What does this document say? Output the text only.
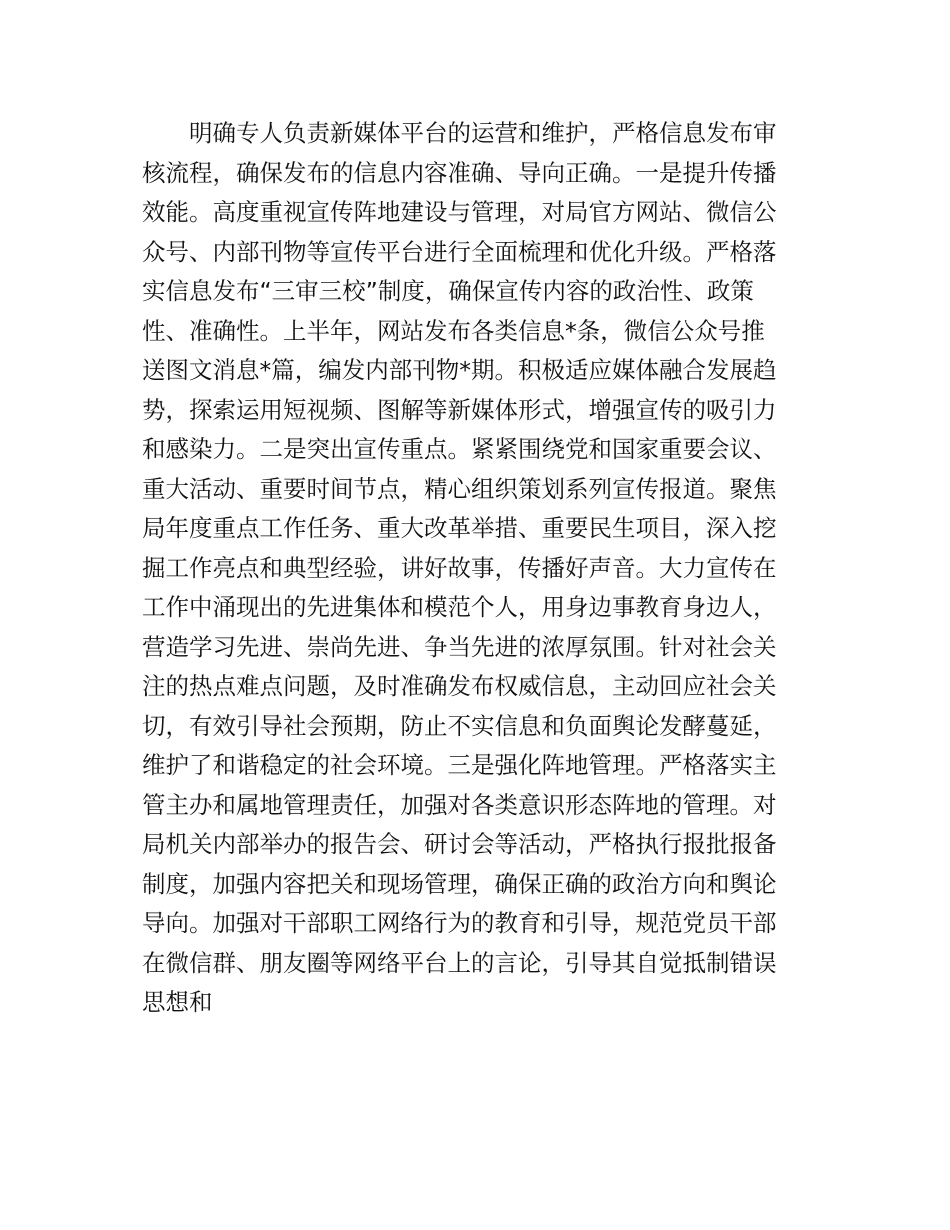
明确专人负责新媒体平台的运营和维护，严格信息发布审
核流程，确保发布的信息内容准确、导向正确。一是提升传播
效能。高度重视宣传阵地建设与管理，对局官方网站、微信公
众号、内部刊物等宣传平台进行全面梳理和优化升级。严格落
实信息发布“三审三校”制度，确保宣传内容的政治性、政策
性、准确性。上半年，网站发布各类信息*条，微信公众号推
送图文消息*篇，编发内部刊物*期。积极适应媒体融合发展趋
势，探索运用短视频、图解等新媒体形式，增强宣传的吸引力
和感染力。二是突出宣传重点。紧紧围绕党和国家重要会议、
重大活动、重要时间节点，精心组织策划系列宣传报道。聚焦
局年度重点工作任务、重大改革举措、重要民生项目，深入挖
掘工作亮点和典型经验，讲好故事，传播好声音。大力宣传在
工作中涌现出的先进集体和模范个人，用身边事教育身边人，
营造学习先进、崇尚先进、争当先进的浓厚氛围。针对社会关
注的热点难点问题，及时准确发布权威信息，主动回应社会关
切，有效引导社会预期，防止不实信息和负面舆论发酵蔓延，
维护了和谐稳定的社会环境。三是强化阵地管理。严格落实主
管主办和属地管理责任，加强对各类意识形态阵地的管理。对
局机关内部举办的报告会、研讨会等活动，严格执行报批报备
制度，加强内容把关和现场管理，确保正确的政治方向和舆论
导向。加强对干部职工网络行为的教育和引导，规范党员干部
在微信群、朋友圈等网络平台上的言论，引导其自觉抵制错误
思想和
